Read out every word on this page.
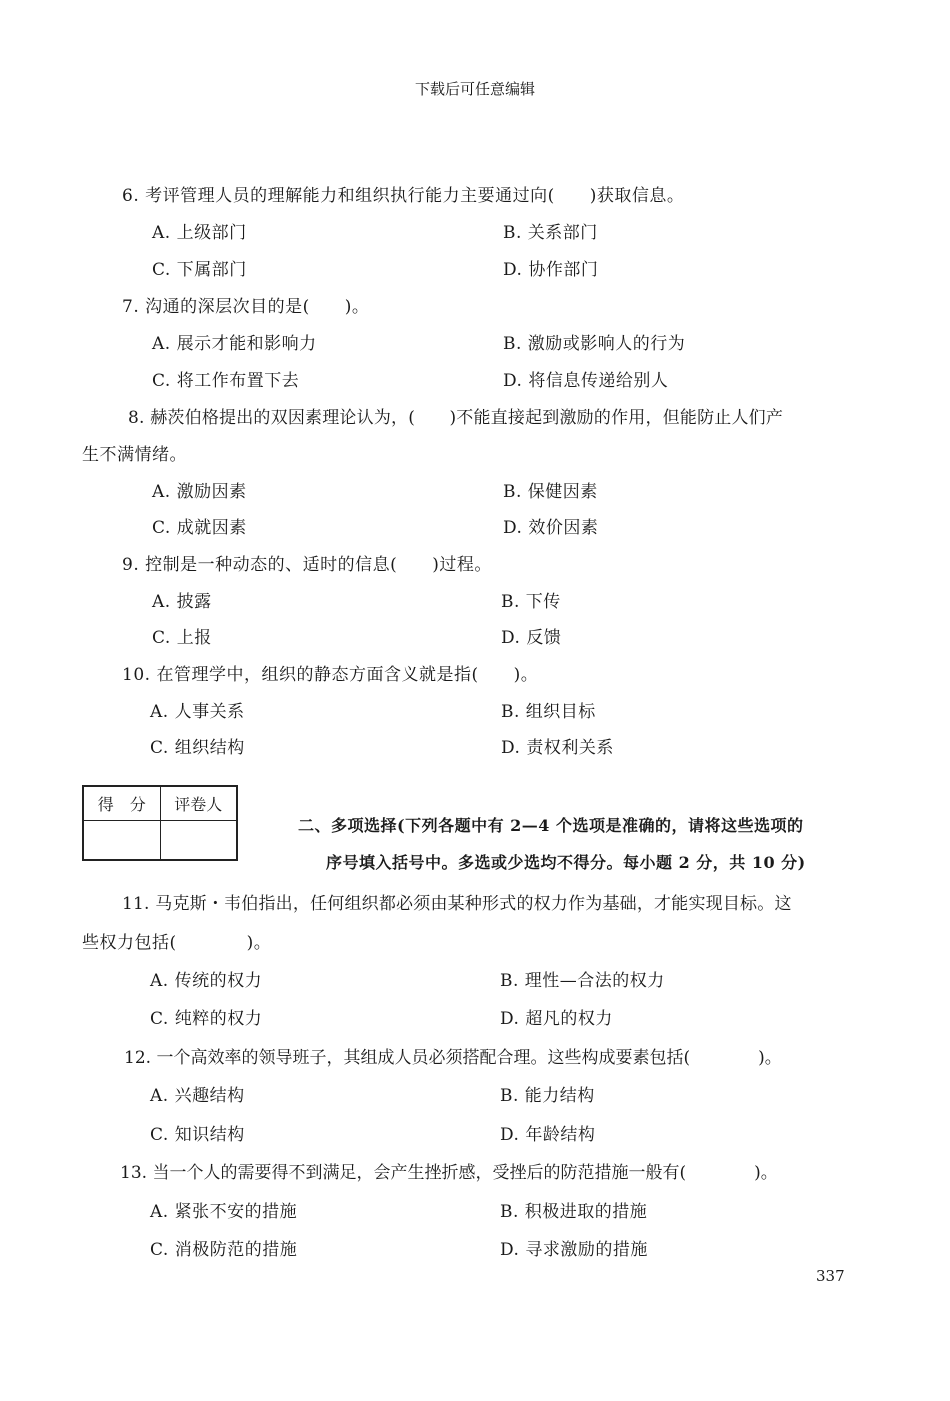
下载后可任意编辑
6. 考评管理人员的理解能力和组织执行能力主要通过向(　　)获取信息。
A. 上级部门	B. 关系部门
C. 下属部门	D. 协作部门
7. 沟通的深层次目的是(　　)。
A. 展示才能和影响力	B. 激励或影响人的行为
C. 将工作布置下去	D. 将信息传递给别人
8. 赫茨伯格提出的双因素理论认为，(　　)不能直接起到激励的作用，但能防止人们产
生不满情绪。
A. 激励因素	B. 保健因素
C. 成就因素	D. 效价因素
9. 控制是一种动态的、适时的信息(　　)过程。
A. 披露	B. 下传
C. 上报	D. 反馈
10. 在管理学中，组织的静态方面含义就是指(　　)。
A. 人事关系	B. 组织目标
C. 组织结构	D. 责权利关系
得　分	评卷人

二、多项选择(下列各题中有 2—4 个选项是准确的，请将这些选项的
序号填入括号中。多选或少选均不得分。每小题 2 分，共 10 分)
11. 马克斯・韦伯指出，任何组织都必须由某种形式的权力作为基础，才能实现目标。这
些权力包括(　　　　)。
A. 传统的权力	B. 理性—合法的权力
C. 纯粹的权力	D. 超凡的权力
12. 一个高效率的领导班子，其组成人员必须搭配合理。这些构成要素包括(　　　　)。
A. 兴趣结构	B. 能力结构
C. 知识结构	D. 年龄结构
13. 当一个人的需要得不到满足，会产生挫折感，受挫后的防范措施一般有(　　　　)。
A. 紧张不安的措施	B. 积极进取的措施
C. 消极防范的措施	D. 寻求激励的措施
337
